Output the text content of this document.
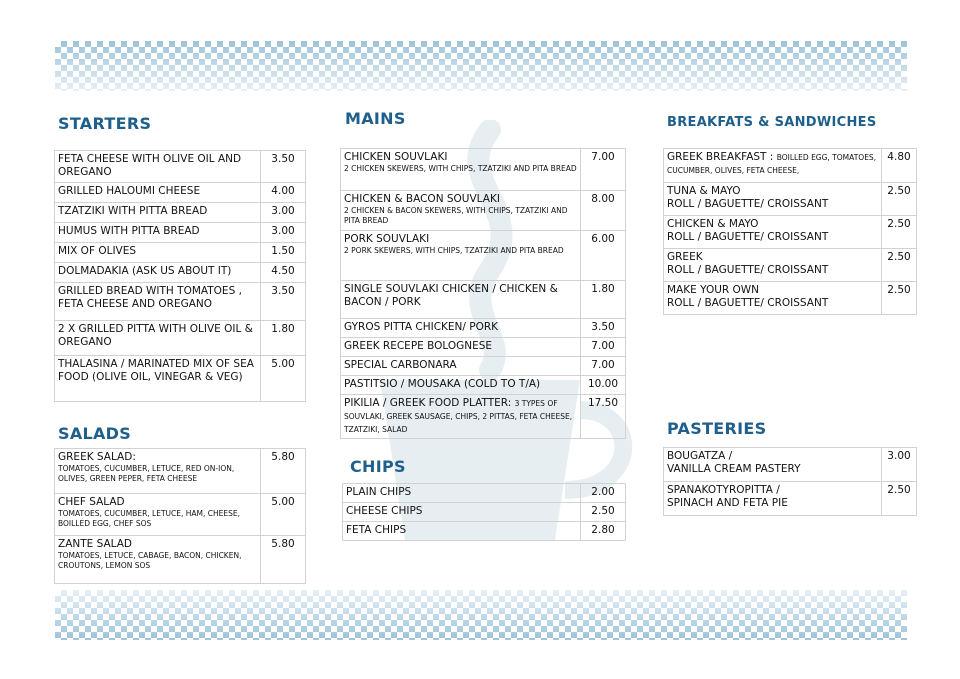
STARTERS
FETA CHEESE WITH OLIVE OIL AND OREGANO	3.50
GRILLED HALOUMI CHEESE	4.00
TZATZIKI WITH PITTA BREAD	3.00
HUMUS WITH PITTA BREAD	3.00
MIX OF OLIVES	1.50
DOLMADAKIA (ASK US ABOUT IT)	4.50
GRILLED BREAD WITH TOMATOES , FETA CHEESE AND OREGANO	3.50
2 X GRILLED PITTA WITH OLIVE OIL & OREGANO	1.80
THALASINA / MARINATED MIX OF SEA FOOD (OLIVE OIL, VINEGAR & VEG)	5.00
SALADS
GREEK SALAD:
TOMATOES, CUCUMBER, LETUCE, RED ON-ION, OLIVES, GREEN PEPER, FETA CHEESE	5.80
CHEF SALAD
TOMATOES, CUCUMBER, LETUCE, HAM, CHEESE, BOILLED EGG, CHEF SOS	5.00
ZANTE SALAD
TOMATOES, LETUCE, CABAGE, BACON, CHICKEN, CROUTONS, LEMON SOS	5.80
MAINS
CHICKEN SOUVLAKI
2 CHICKEN SKEWERS, WITH CHIPS, TZATZIKI AND PITA BREAD	7.00
CHICKEN & BACON SOUVLAKI
2 CHICKEN & BACON SKEWERS, WITH CHIPS, TZATZIKI AND PITA BREAD	8.00
PORK SOUVLAKI
2 PORK SKEWERS, WITH CHIPS, TZATZIKI AND PITA BREAD	6.00
SINGLE SOUVLAKI CHICKEN / CHICKEN & BACON / PORK	1.80
GYROS PITTA CHICKEN/ PORK	3.50
GREEK RECEPE BOLOGNESE	7.00
SPECIAL CARBONARA	7.00
PASTITSIO / MOUSAKA (COLD TO T/A)	10.00
PIKILIA / GREEK FOOD PLATTER: 3 TYPES OF SOUVLAKI, GREEK SAUSAGE, CHIPS, 2 PITTAS, FETA CHEESE, TZATZIKI, SALAD	17.50
CHIPS
PLAIN CHIPS	2.00
CHEESE CHIPS	2.50
FETA CHIPS	2.80
BREAKFATS & SANDWICHES
GREEK BREAKFAST : BOILLED EGG, TOMATOES, CUCUMBER, OLIVES, FETA CHEESE,	4.80
TUNA & MAYO
ROLL / BAGUETTE/ CROISSANT	2.50
CHICKEN & MAYO
ROLL / BAGUETTE/ CROISSANT	2.50
GREEK
ROLL / BAGUETTE/ CROISSANT	2.50
MAKE YOUR OWN
ROLL / BAGUETTE/ CROISSANT	2.50
PASTERIES
BOUGATZA /
VANILLA CREAM PASTERY	3.00
SPANAKOTYROPITTA /
SPINACH AND FETA PIE	2.50
